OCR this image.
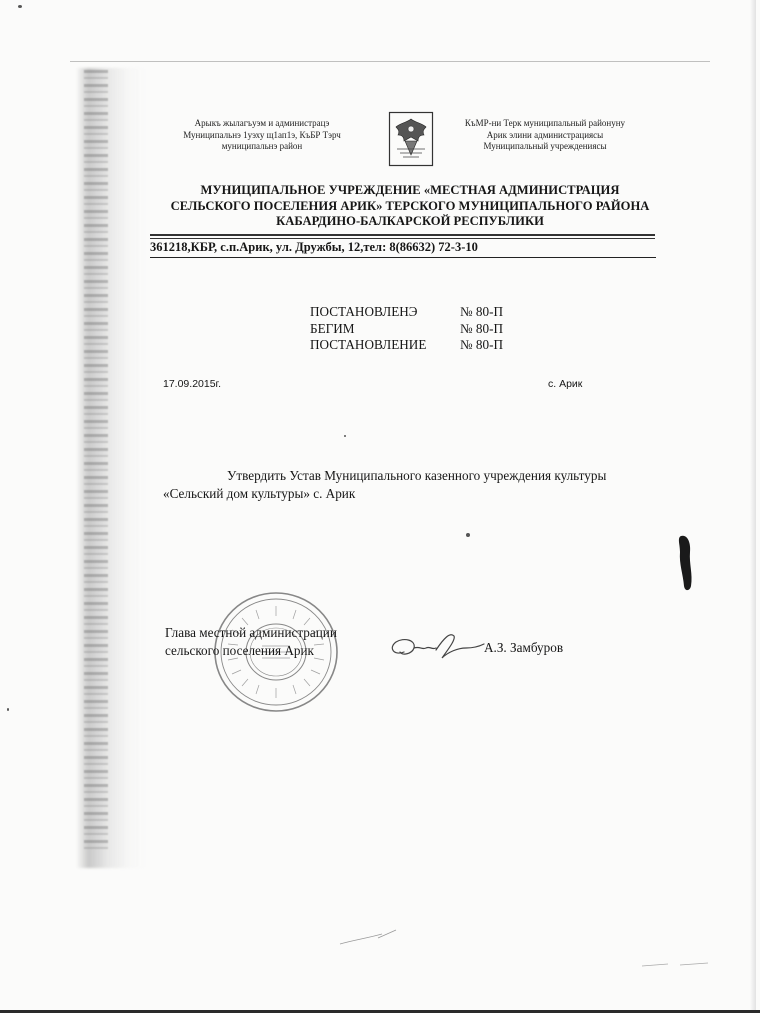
Арыкъ жылагъуэм и администрацэ
Муниципальнэ 1уэху щ1ап1э, КъБР Тэрч
муниципальнэ район
КъМР-ни Терк муниципальный районуну
Арик элини администрациясы
Муниципальный учреждениясы
МУНИЦИПАЛЬНОЕ УЧРЕЖДЕНИЕ «МЕСТНАЯ АДМИНИСТРАЦИЯ
СЕЛЬСКОГО ПОСЕЛЕНИЯ АРИК» ТЕРСКОГО МУНИЦИПАЛЬНОГО РАЙОНА
КАБАРДИНО-БАЛКАРСКОЙ РЕСПУБЛИКИ
361218,КБР, с.п.Арик, ул. Дружбы, 12,тел: 8(86632) 72-3-10
ПОСТАНОВЛЕНЭ	№ 80-П
БЕГИМ	№ 80-П
ПОСТАНОВЛЕНИЕ	№ 80-П
17.09.2015г.	с. Арик
Утвердить Устав Муниципального казенного учреждения культуры
«Сельский дом культуры» с. Арик
Глава местной администрации
сельского поселения Арик	А.З. Замбуров
